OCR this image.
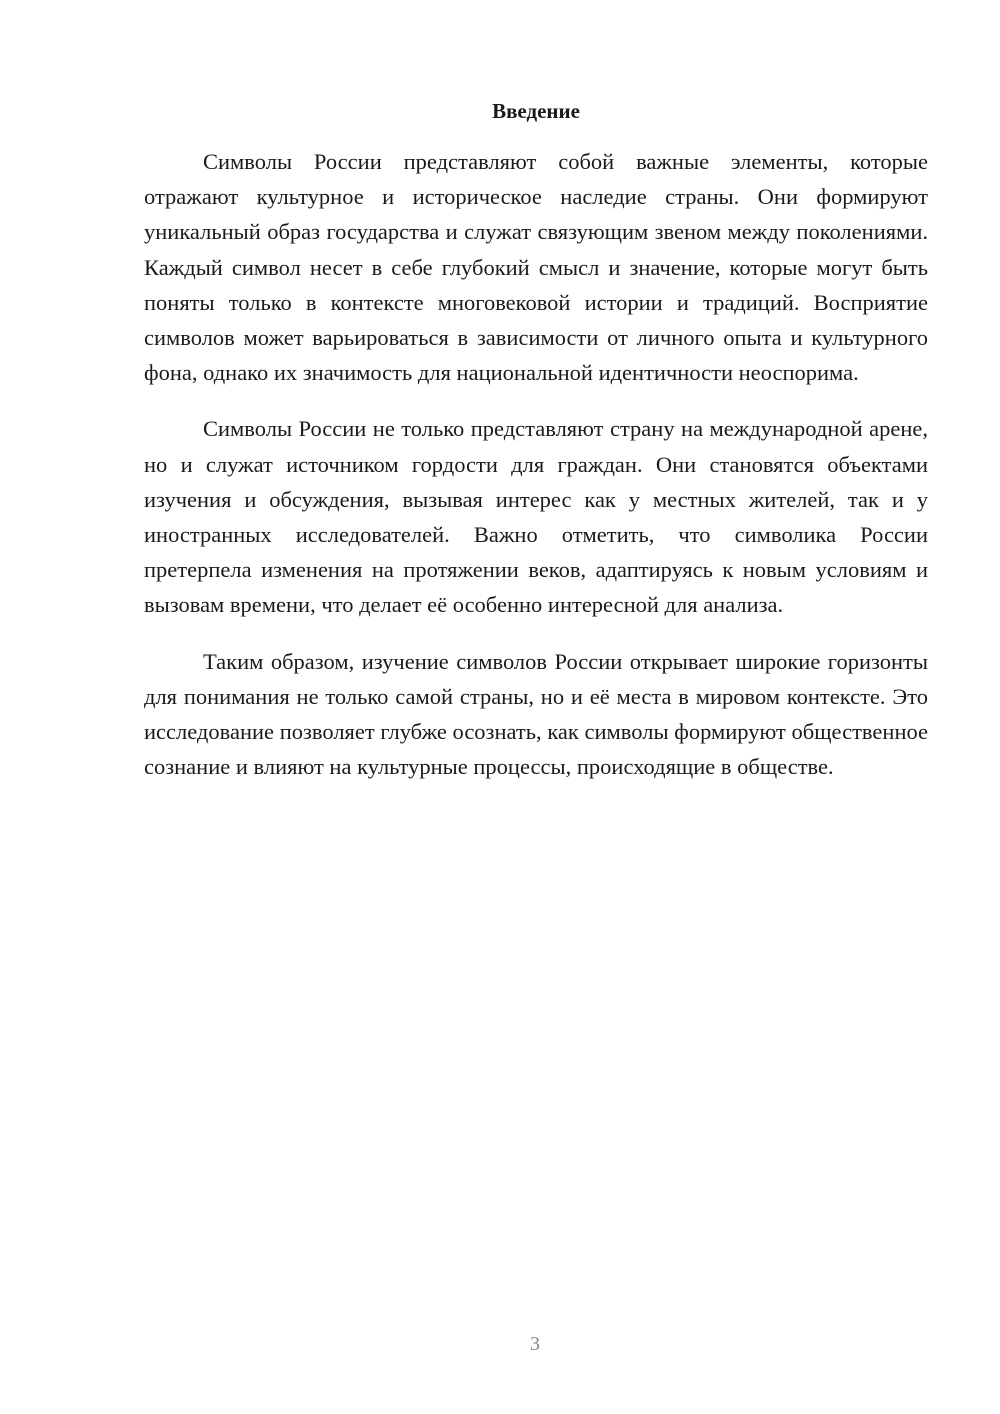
Введение

Символы России представляют собой важные элементы, которые отражают культурное и историческое наследие страны. Они формируют уникальный образ государства и служат связующим звеном между поколениями. Каждый символ несет в себе глубокий смысл и значение, которые могут быть поняты только в контексте многовековой истории и традиций. Восприятие символов может варьироваться в зависимости от личного опыта и культурного фона, однако их значимость для национальной идентичности неоспорима.

Символы России не только представляют страну на международной арене, но и служат источником гордости для граждан. Они становятся объектами изучения и обсуждения, вызывая интерес как у местных жителей, так и у иностранных исследователей. Важно отметить, что символика России претерпела изменения на протяжении веков, адаптируясь к новым условиям и вызовам времени, что делает её особенно интересной для анализа.

Таким образом, изучение символов России открывает широкие горизонты для понимания не только самой страны, но и её места в мировом контексте. Это исследование позволяет глубже осознать, как символы формируют общественное сознание и влияют на культурные процессы, происходящие в обществе.

3
